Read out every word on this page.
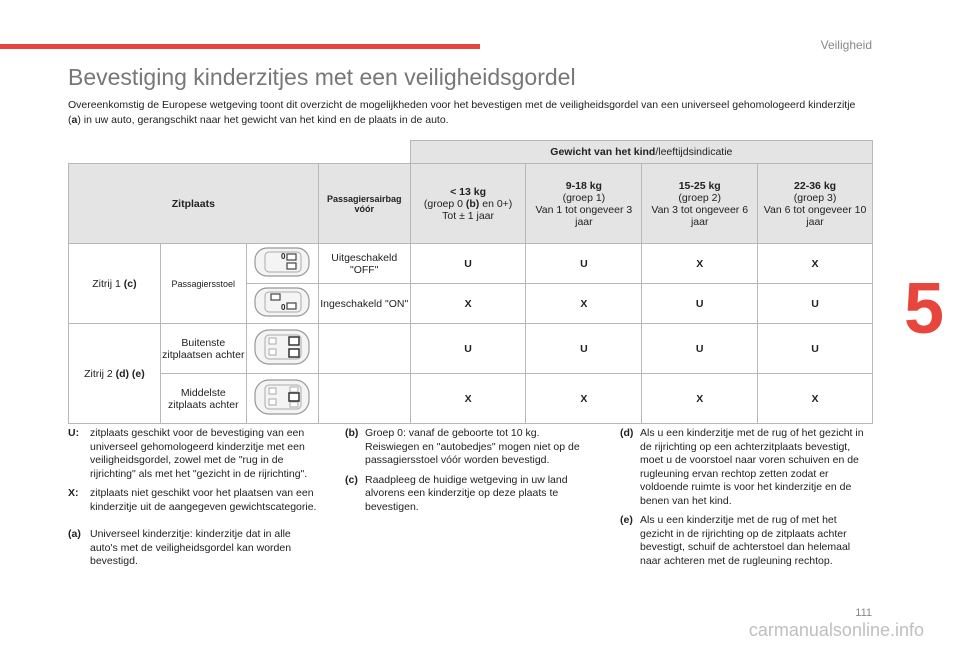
Veiligheid
5
Bevestiging kinderzitjes met een veiligheidsgordel

Overeenkomstig de Europese wetgeving toont dit overzicht de mogelijkheden voor het bevestigen met de veiligheidsgordel van een universeel gehomologeerd kinderzitje (a) in uw auto, gerangschikt naar het gewicht van het kind en de plaats in de auto.

				Gewicht van het kind/leeftijdsindicatie			
Zitplaats			Passagiersairbag vóór	< 13 kg
(groep 0 (b) en 0+)
Tot ± 1 jaar	9-18 kg
(groep 1)
Van 1 tot ongeveer 3 jaar	15-25 kg
(groep 2)
Van 3 tot ongeveer 6 jaar	22-36 kg
(groep 3)
Van 6 tot ongeveer 10 jaar
Zitrij 1 (c)	Passagiersstoel	0	Uitgeschakeld "OFF"	U	U	X	X

0	Ingeschakeld "ON"	X	X	U	U
Zitrij 2 (d) (e)	Buitenste zitplaatsen achter			U	U	U	U
	Middelste zitplaats achter			X	X	X	X
U:	zitplaats geschikt voor de bevestiging van een universeel gehomologeerd kinderzitje met een veiligheidsgordel, zowel met de "rug in de rijrichting" als met het "gezicht in de rijrichting".
X:	zitplaats niet geschikt voor het plaatsen van een kinderzitje uit de aangegeven gewichtscategorie.
(a) Universeel kinderzitje: kinderzitje dat in alle auto's met de veiligheidsgordel kan worden bevestigd.
(b) Groep 0: vanaf de geboorte tot 10 kg. Reiswiegen en "autobedjes" mogen niet op de passagiersstoel vóór worden bevestigd.
(c) Raadpleeg de huidige wetgeving in uw land alvorens een kinderzitje op deze plaats te bevestigen.
(d) Als u een kinderzitje met de rug of het gezicht in de rijrichting op een achterzitplaats bevestigt, moet u de voorstoel naar voren schuiven en de rugleuning ervan rechtop zetten zodat er voldoende ruimte is voor het kinderzitje en de benen van het kind.
(e) Als u een kinderzitje met de rug of met het gezicht in de rijrichting op de zitplaats achter bevestigt, schuif de achterstoel dan helemaal naar achteren met de rugleuning rechtop.
111
carmanualsonline.info
